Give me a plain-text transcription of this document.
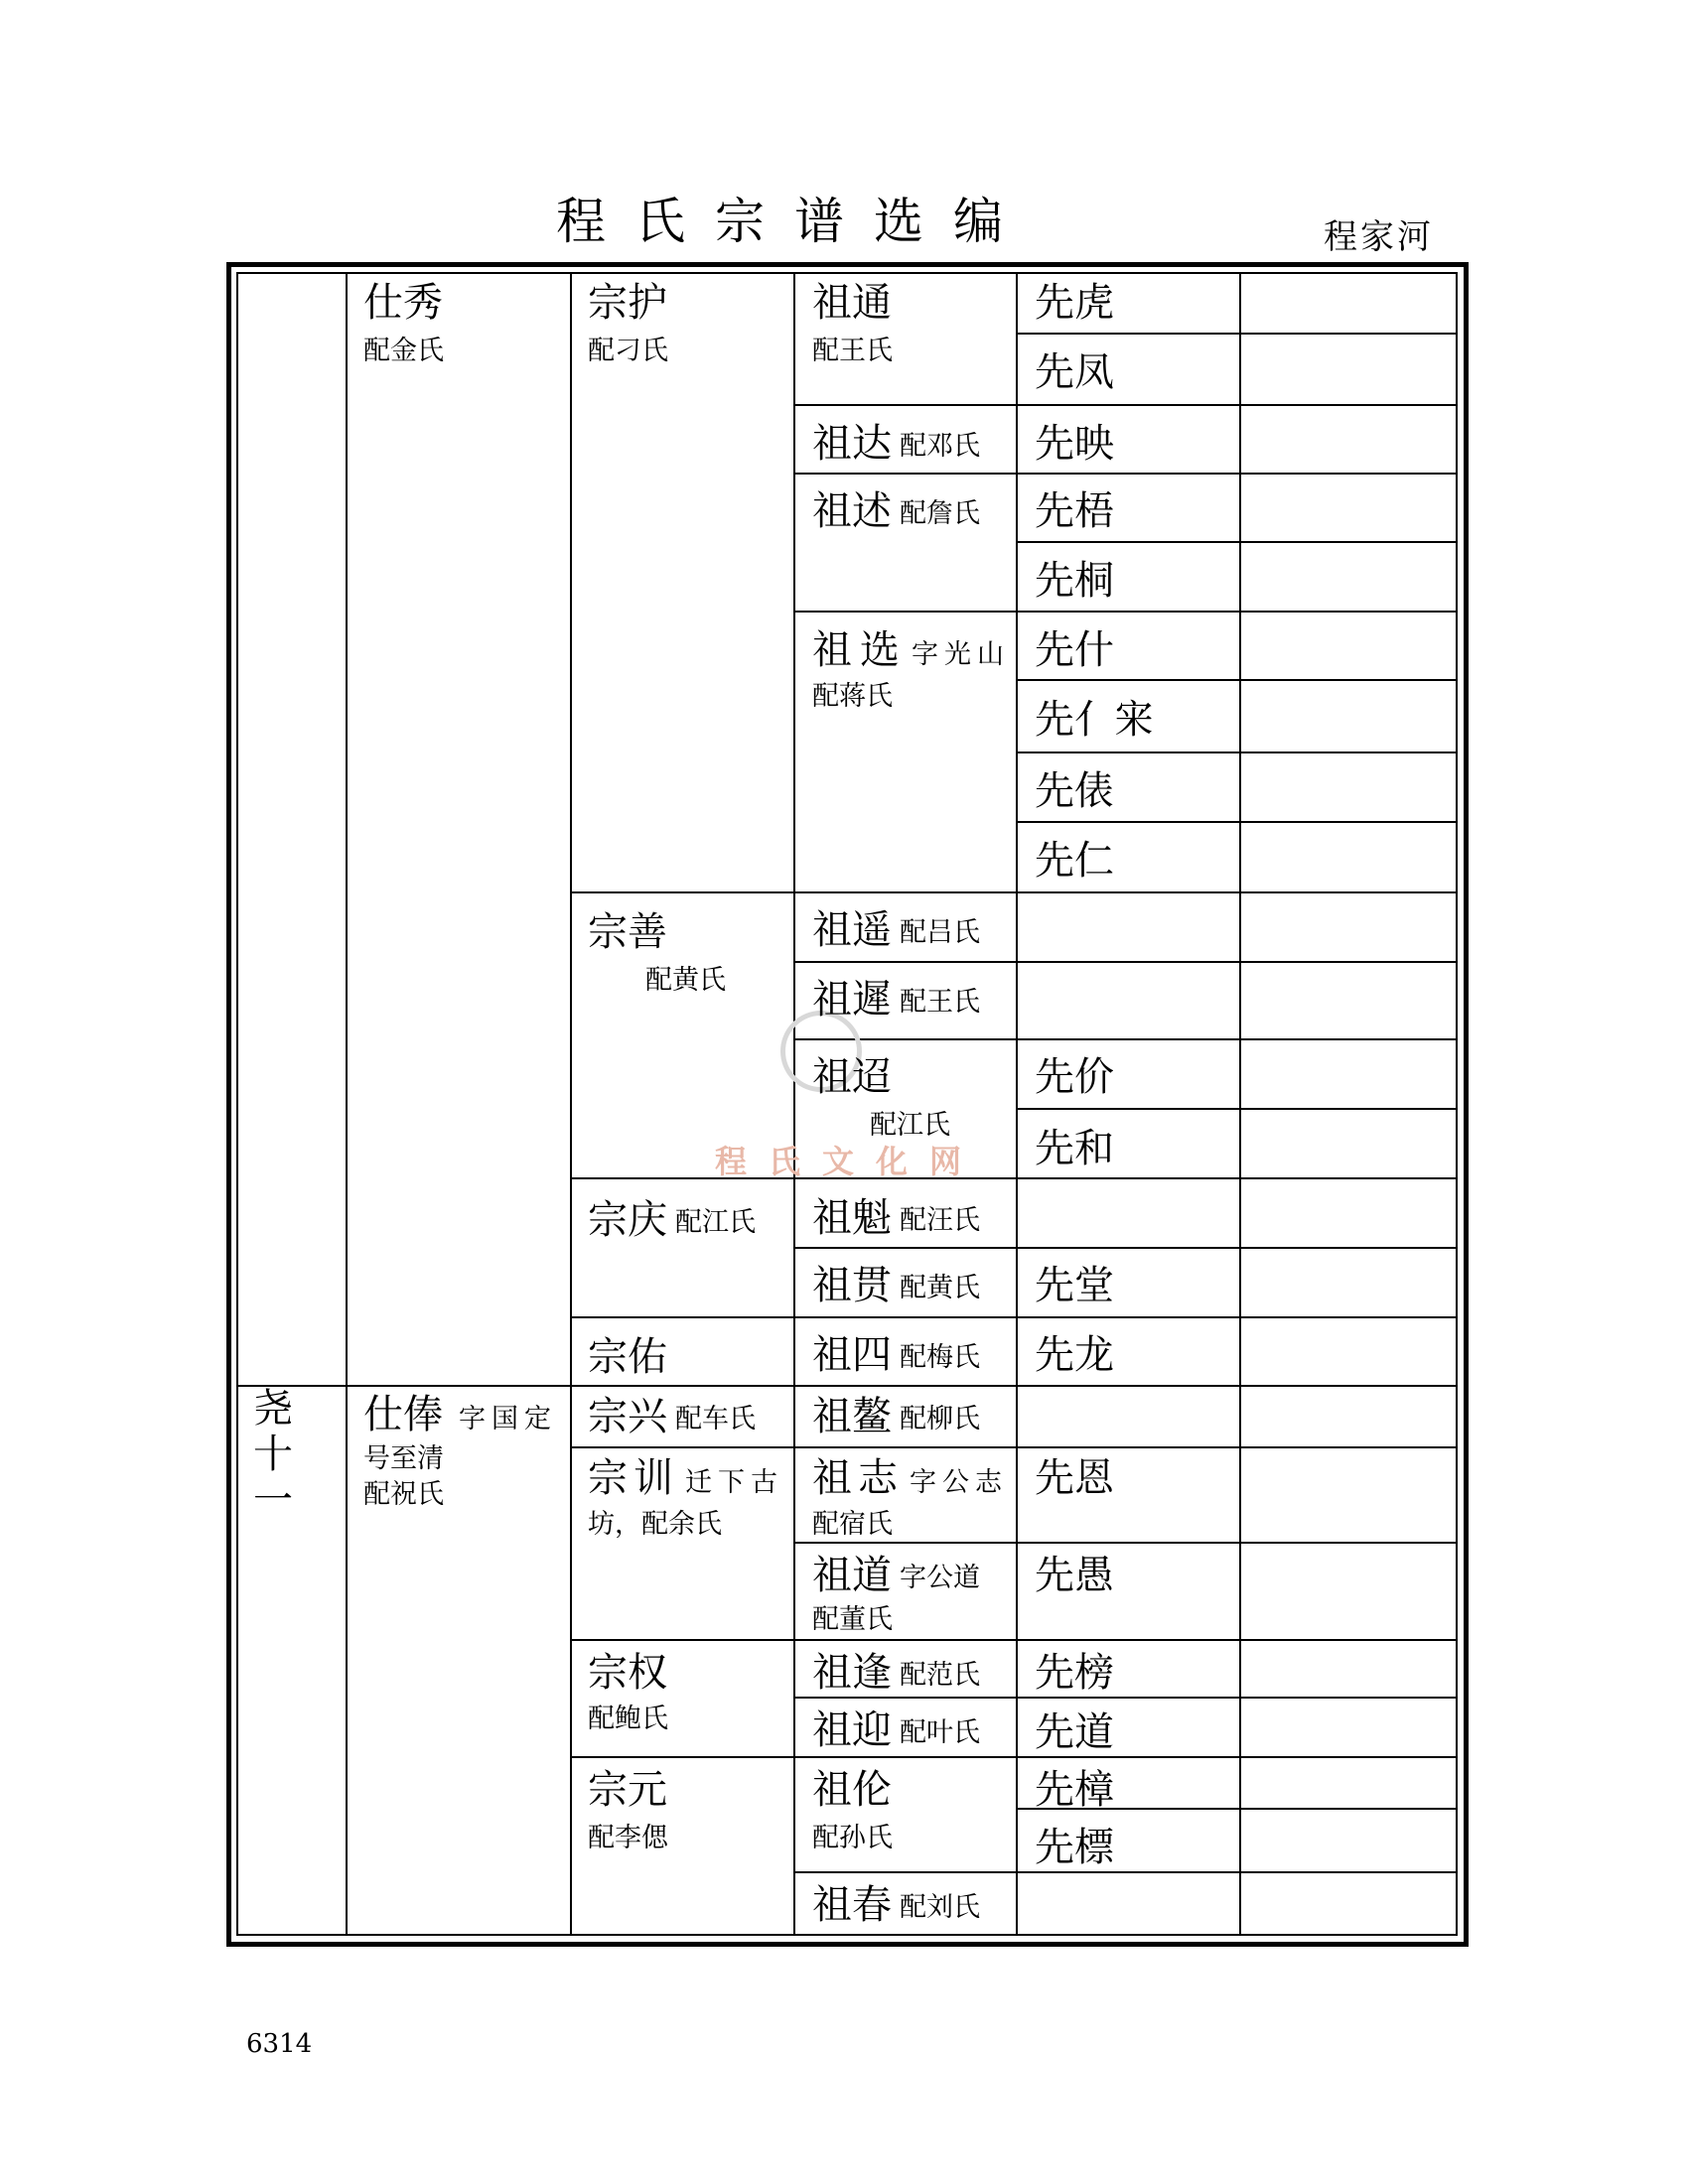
程氏宗谱选编	程家河
程氏文化网
尧十一
仕秀
配金氏
仕俸 字国定
号至清
配祝氏
宗护
配刁氏
宗善
配黄氏
宗庆 配江氏
宗佑
宗兴 配车氏
宗训 迁下古
坊，配余氏
宗权
配鲍氏
宗元
配李偲
祖通
配王氏
祖达 配邓氏
祖述 配詹氏
祖选 字光山
配蒋氏
祖遥 配吕氏
祖遲 配王氏
祖迢
配江氏
祖魁 配汪氏
祖贯 配黄氏
祖四 配梅氏
祖鳌 配柳氏
祖志 字公志
配宿氏
祖道 字公道
配董氏
祖逢 配范氏
祖迎 配叶氏
祖伦
配孙氏
祖春 配刘氏
先虎
先凤
先映
先梧
先桐
先什
先亻宩
先俵
先仁
先价
先和
先堂
先龙
先恩
先愚
先榜
先道
先樟
先標
6314
